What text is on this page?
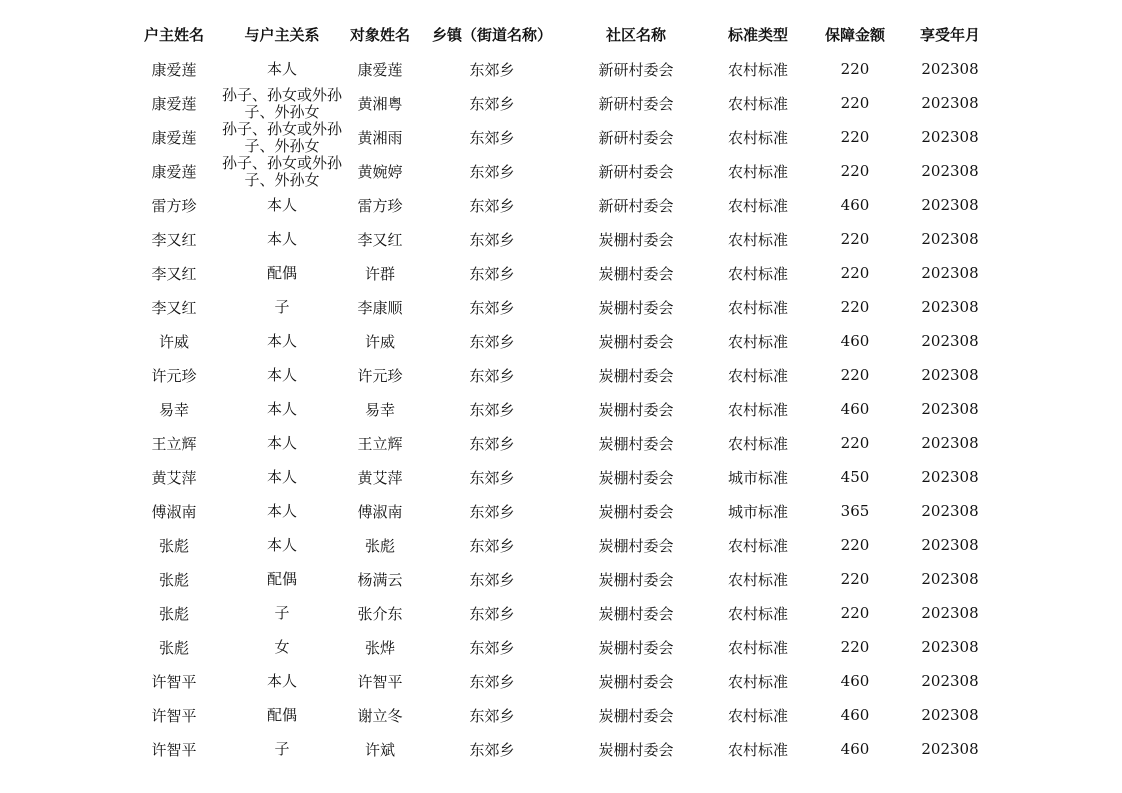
户主姓名	与户主关系	对象姓名	乡镇（街道名称）	社区名称	标准类型	保障金额	享受年月
康爱莲	本人	康爱莲	东郊乡	新研村委会	农村标准	220	202308
康爱莲	孙子、孙女或外孙子、外孙女	黄湘粤	东郊乡	新研村委会	农村标准	220	202308
康爱莲	孙子、孙女或外孙子、外孙女	黄湘雨	东郊乡	新研村委会	农村标准	220	202308
康爱莲	孙子、孙女或外孙子、外孙女	黄婉婷	东郊乡	新研村委会	农村标准	220	202308
雷方珍	本人	雷方珍	东郊乡	新研村委会	农村标准	460	202308
李又红	本人	李又红	东郊乡	炭棚村委会	农村标准	220	202308
李又红	配偶	许群	东郊乡	炭棚村委会	农村标准	220	202308
李又红	子	李康顺	东郊乡	炭棚村委会	农村标准	220	202308
许威	本人	许威	东郊乡	炭棚村委会	农村标准	460	202308
许元珍	本人	许元珍	东郊乡	炭棚村委会	农村标准	220	202308
易幸	本人	易幸	东郊乡	炭棚村委会	农村标准	460	202308
王立辉	本人	王立辉	东郊乡	炭棚村委会	农村标准	220	202308
黄艾萍	本人	黄艾萍	东郊乡	炭棚村委会	城市标准	450	202308
傅淑南	本人	傅淑南	东郊乡	炭棚村委会	城市标准	365	202308
张彪	本人	张彪	东郊乡	炭棚村委会	农村标准	220	202308
张彪	配偶	杨满云	东郊乡	炭棚村委会	农村标准	220	202308
张彪	子	张介东	东郊乡	炭棚村委会	农村标准	220	202308
张彪	女	张烨	东郊乡	炭棚村委会	农村标准	220	202308
许智平	本人	许智平	东郊乡	炭棚村委会	农村标准	460	202308
许智平	配偶	谢立冬	东郊乡	炭棚村委会	农村标准	460	202308
许智平	子	许斌	东郊乡	炭棚村委会	农村标准	460	202308
